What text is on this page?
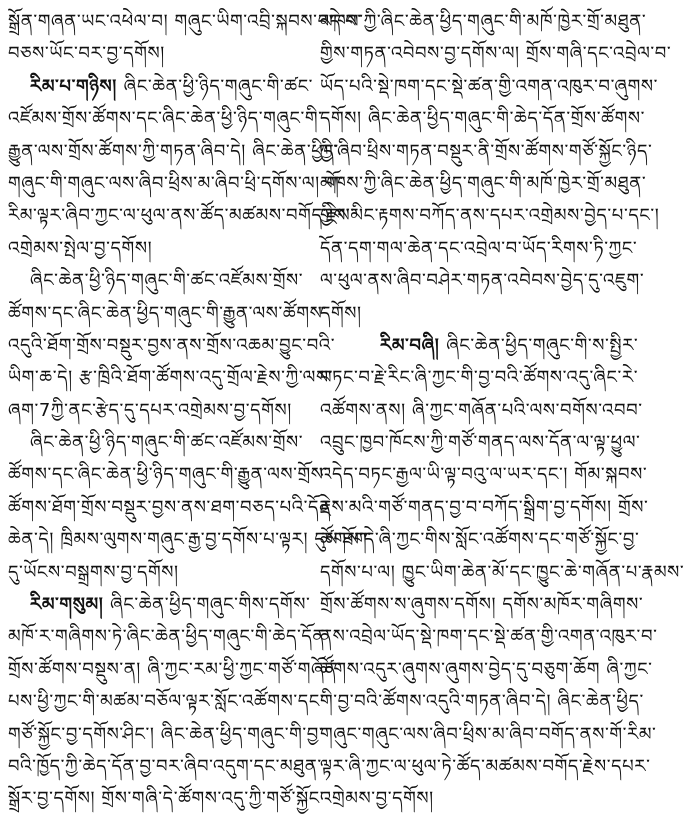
སྒྲོན་གཞན་ཡང་འཕེལ་བ། གཞུང་ཡིག་འབྲི་སྐབས་བདེ་བ་
བཅས་ཡོང་བར་བྱ་དགོས།
རིམ་པ་གཉིས། ཞིང་ཆེན་ཕྱི་ཉིད་གཞུང་གི་ཚང་
འཛོམས་གྲོས་ཚོགས་དང་ཞིང་ཆེན་ཕྱི་ཉིད་གཞུང་གི་
རྒྱུན་ལས་གྲོས་ཚོགས་ཀྱི་གཏན་ཞིབ་དེ། ཞིང་ཆེན་ཕྱིད་
གཞུང་གི་གཞུང་ལས་ཞིབ་ཕྲིས་མ་ཞིབ་ཕྲི་དགོས་ལ། གོ་
རིམ་ལྟར་ཞིབ་ཀྱང་ལ་ཕུལ་ནས་ཚོད་མཚམས་བགོད་རྗེས་
འགྲེམས་སྤེལ་བྱ་དགོས།
ཞིང་ཆེན་ཕྱི་ཉིད་གཞུང་གི་ཚང་འཛོམས་གྲོས་
ཚོགས་དང་ཞིང་ཆེན་ཕྱིད་གཞུང་གི་རྒྱུན་ལས་ཚོགས་
འདུའི་ཐོག་གྲོས་བསྡུར་བྱས་ནས་གྲོས་འཆམ་བྱུང་བའི་
ཡིག་ཆ་དེ། རྩ་ཁྲིའི་ཐོག་ཚོགས་འདུ་གྲོལ་རྗེས་ཀྱི་ལས་
ཞག་7ཀྱི་ནང་རྩེད་དུ་དཔར་འགྲེམས་བྱ་དགོས།
ཞིང་ཆེན་ཕྱི་ཉིད་གཞུང་གི་ཚང་འཛོམས་གྲོས་
ཚོགས་དང་ཞིང་ཆེན་ཕྱི་ཉིད་གཞུང་གི་རྒྱུན་ལས་གྲོས་
ཚོགས་ཐོག་གྲོས་བསྡུར་བྱས་ནས་ཐག་བཅད་པའི་དོན་
ཆེན་དེ། ཁྲིམས་ལུགས་གཞུང་རྒྱ་བྱ་དགོས་པ་ལྟར། དུས་ཐོག་
དུ་ཡོངས་བསྒྲགས་བྱ་དགོས།
རིམ་གསུམ། ཞིང་ཆེན་ཕྱིད་གཞུང་གིས་དགོས་
མཁོ་ར་གཞིགས་ཏེ་ཞིང་ཆེན་ཕྱིད་གཞུང་གི་ཆེད་དོན་
གྲོས་ཚོགས་བསྡུས་ན། ཞི་ཀྱང་རམ་ཕྱི་ཀྱང་གཙོ་གཞོན་
པས་ཕྱི་ཀྱང་གི་མཚམ་བཅོལ་ལྟར་སློང་འཚོགས་དང་
གཙོ་སྐྱོང་བྱ་དགོས་ཤིང་། ཞིང་ཆེན་ཕྱིད་གཞུང་གི་བྱ་
བའི་ཁྱོད་ཀྱི་ཆེད་དོན་བྱ་བར་ཞིབ་འདུག་དང་མཐུན་
སྒྲོར་བྱ་དགོས། གྲོས་གཞི་དེ་ཚོགས་འདུ་ཀྱི་གཙོ་སྐྱོང་
མཁས་ཀྱི་ཞིང་ཆེན་ཕྱིད་གཞུང་གི་མཁོ་ཁྱེར་གྲོ་མཐུན་
གྱིས་གཏན་འབེབས་བྱ་དགོས་ལ། གྲོས་གཞི་དང་འབྲེལ་བ་
ཡོད་པའི་སྡེ་ཁག་དང་སྡེ་ཚན་གྱི་འགན་འཁུར་བ་ཞུགས་
དགོས། ཞིང་ཆེན་ཕྱིད་གཞུང་གི་ཆེད་དོན་གྲོས་ཚོགས་
ཀྱི་ཞིབ་ཕྲིས་གཏན་བསྡུར་ནི་གྲོས་ཚོགས་གཙོ་སྐྱོང་ཉིད་
མཁས་ཀྱི་ཞིང་ཆེན་ཕྱིད་གཞུང་གི་མཁོ་ཁྱེར་གྲོ་མཐུན་
གྱིས་མིང་རྟགས་བཀོད་ནས་དཔར་འགྲེམས་བྱེད་པ་དང་།
དོན་དག་གལ་ཆེན་དང་འབྲེལ་བ་ཡོད་རིགས་ཏི་ཀྱང་
ལ་ཕུལ་ནས་ཞིབ་བཤེར་གཏན་འབེབས་བྱེད་དུ་འཇུག་
དགོས།
རིམ་བཞི། ཞིང་ཆེན་ཕྱིད་གཞུང་གི་ས་སྤྱིར་
བཏང་བ་རྗེ་རིང་ཞི་ཀྱང་གི་བྱ་བའི་ཚོགས་འདུ་ཞིང་རེ་
འཚོགས་ནས། ཞི་ཀྱང་གཞོན་པའི་ལས་བགོས་འབབ་
འབྲུང་ཁྱབ་ཁོངས་ཀྱི་གཙོ་གནད་ལས་དོན་ལ་ལྟ་ཕྱུལ་
འདེད་བཏང་རྒྱལ་ཡི་ལྟ་བའུ་ལ་ཡར་དང་། གོམ་སྐབས་
རྗེས་མའི་གཙོ་གནད་བྱ་བ་བཀོད་སྒྲིག་བྱ་དགོས། གྲོས་
ཚོགས་དེ་ཞི་ཀྱང་གིས་སློང་འཚོགས་དང་གཙོ་སྐྱོང་བྱ་
དགོས་པ་ལ། ཁྱུང་ཡིག་ཆེན་མོ་དང་ཁྱུང་ཆེ་གཞོན་པ་རྣམས་
གྲོས་ཚོགས་ས་ཞུགས་དགོས། དགོས་མཁོར་གཞིགས་
ནས་འབྲེལ་ཡོད་སྡེ་ཁག་དང་སྡེ་ཚན་གྱི་འགན་འཁུར་བ་
ཚོགས་འདུར་ཞུགས་ཞུགས་བྱེད་དུ་བཅུག་ཆོག ཞི་ཀྱང་
གི་བྱ་བའི་ཚོགས་འདུའི་གཏན་ཞིབ་དེ། ཞིང་ཆེན་ཕྱིད་
གཞུང་གཞུང་ལས་ཞིབ་ཕྲིས་མ་ཞིབ་བགོད་ནས་གོ་རིམ་
ལྟར་ཞི་ཀྱང་ལ་ཕུལ་ཏེ་ཚོད་མཚམས་བགོད་རྗེས་དཔར་
འགྲེམས་བྱ་དགོས།
